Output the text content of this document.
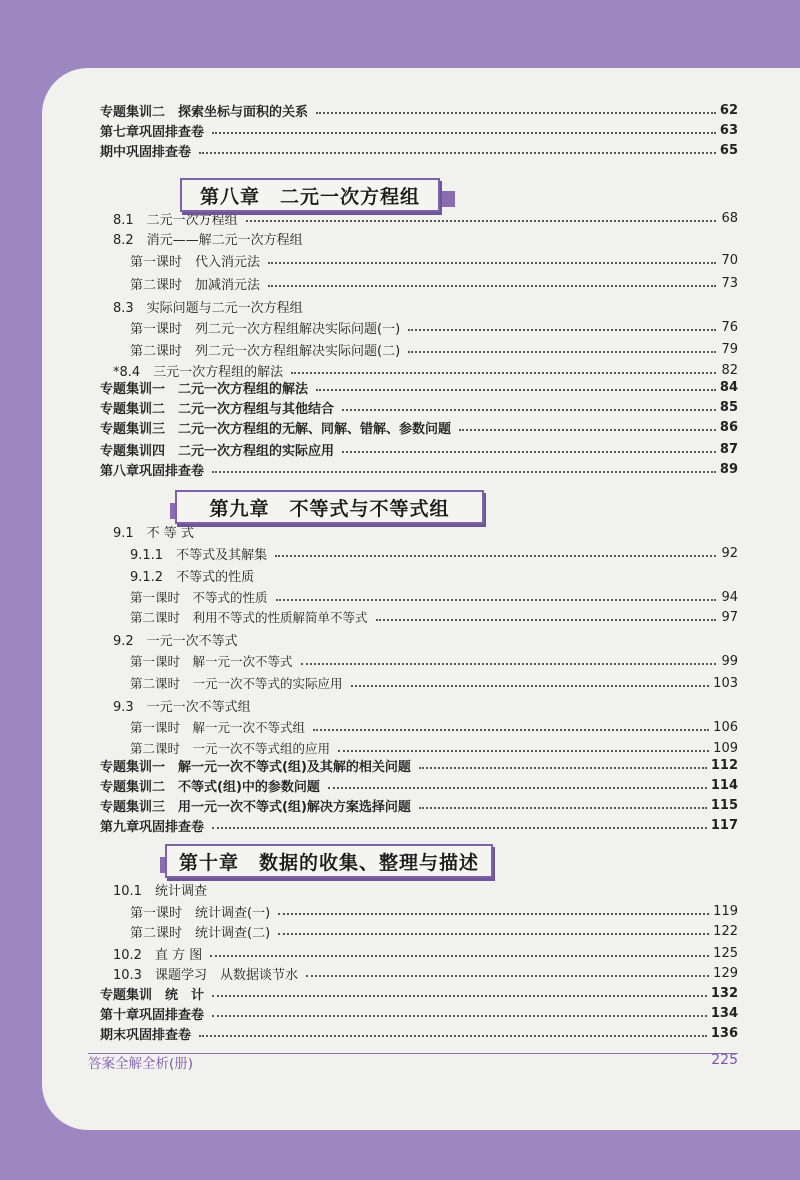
专题集训二　探索坐标与面积的关系	62
第七章巩固排查卷	63
期中巩固排查卷	65
8.1　二元一次方程组	68
8.2　消元——解二元一次方程组
第一课时　代入消元法	70
第二课时　加减消元法	73
8.3　实际问题与二元一次方程组
第一课时　列二元一次方程组解决实际问题(一)	76
第二课时　列二元一次方程组解决实际问题(二)	79
*8.4　三元一次方程组的解法	82
专题集训一　二元一次方程组的解法	84
专题集训二　二元一次方程组与其他结合	85
专题集训三　二元一次方程组的无解、同解、错解、参数问题	86
专题集训四　二元一次方程组的实际应用	87
第八章巩固排查卷	89
9.1　不 等 式
9.1.1　不等式及其解集	92
9.1.2　不等式的性质
第一课时　不等式的性质	94
第二课时　利用不等式的性质解简单不等式	97
9.2　一元一次不等式
第一课时　解一元一次不等式	99
第二课时　一元一次不等式的实际应用	103
9.3　一元一次不等式组
第一课时　解一元一次不等式组	106
第二课时　一元一次不等式组的应用	109
专题集训一　解一元一次不等式(组)及其解的相关问题	112
专题集训二　不等式(组)中的参数问题	114
专题集训三　用一元一次不等式(组)解决方案选择问题	115
第九章巩固排查卷	117
10.1　统计调查
第一课时　统计调查(一)	119
第二课时　统计调查(二)	122
10.2　直 方 图	125
10.3　课题学习　从数据谈节水	129
专题集训　统　计	132
第十章巩固排查卷	134
期末巩固排查卷	136
第八章　二元一次方程组
第九章　不等式与不等式组
第十章　数据的收集、整理与描述
答案全解全析(册)	225
